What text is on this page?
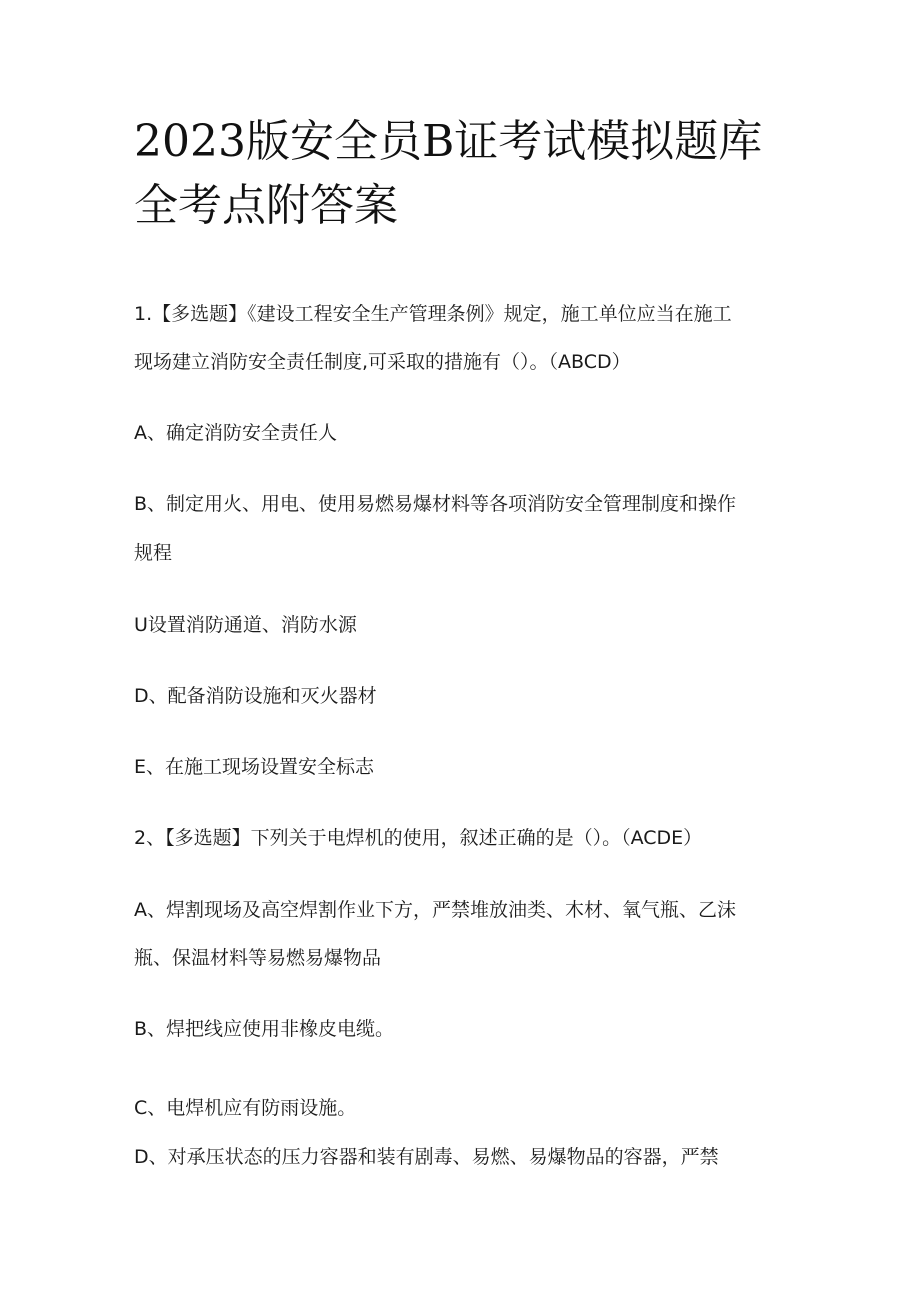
2023版安全员B证考试模拟题库全考点附答案

1.【多选题】《建设工程安全生产管理条例》规定，施工单位应当在施工

现场建立消防安全责任制度,可采取的措施有（）。（ABCD）

A、确定消防安全责任人

B、制定用火、用电、使用易燃易爆材料等各项消防安全管理制度和操作

规程

U设置消防通道、消防水源

D、配备消防设施和灭火器材

E、在施工现场设置安全标志

2、【多选题】下列关于电焊机的使用，叙述正确的是（）。（ACDE）

A、焊割现场及高空焊割作业下方，严禁堆放油类、木材、氧气瓶、乙沫

瓶、保温材料等易燃易爆物品

B、焊把线应使用非橡皮电缆。

C、电焊机应有防雨设施。

D、对承压状态的压力容器和装有剧毒、易燃、易爆物品的容器，严禁
